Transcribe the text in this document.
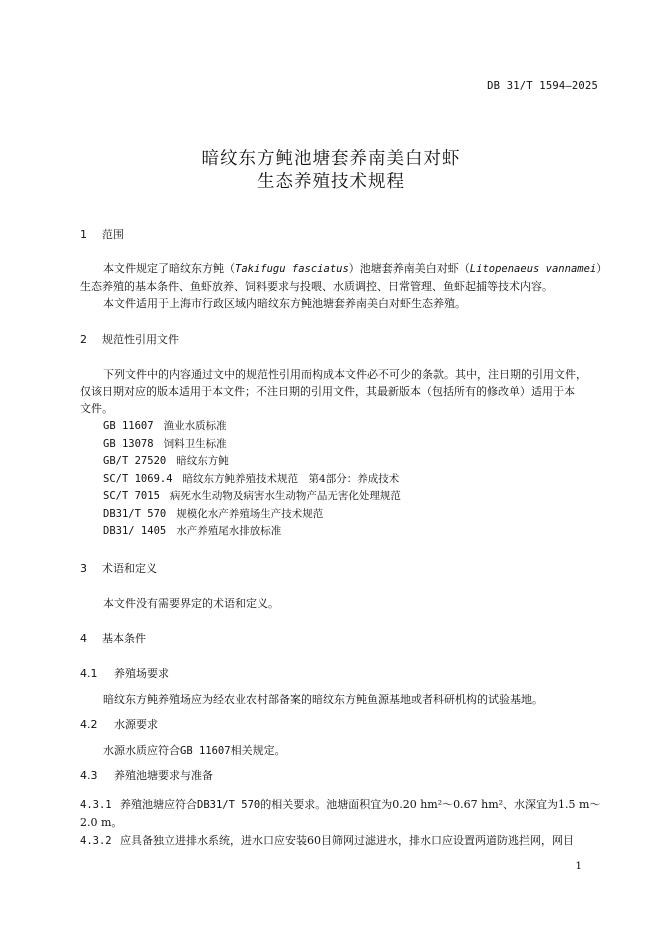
DB 31/T 1594—2025
暗纹东方鲀池塘套养南美白对虾
生态养殖技术规程
1 范围
本文件规定了暗纹东方鲀（Takifugu fasciatus）池塘套养南美白对虾（Litopenaeus vannamei）
生态养殖的基本条件、鱼虾放养、饲料要求与投喂、水质调控、日常管理、鱼虾起捕等技术内容。
本文件适用于上海市行政区域内暗纹东方鲀池塘套养南美白对虾生态养殖。
2 规范性引用文件
下列文件中的内容通过文中的规范性引用而构成本文件必不可少的条款。其中，注日期的引用文件，
仅该日期对应的版本适用于本文件；不注日期的引用文件，其最新版本（包括所有的修改单）适用于本
文件。
GB 11607 渔业水质标准
GB 13078 饲料卫生标准
GB/T 27520 暗纹东方鲀
SC/T 1069.4 暗纹东方鲀养殖技术规范　第4部分：养成技术
SC/T 7015 病死水生动物及病害水生动物产品无害化处理规范
DB31/T 570 规模化水产养殖场生产技术规范
DB31/ 1405 水产养殖尾水排放标准
3 术语和定义
本文件没有需要界定的术语和定义。
4 基本条件
4.1 养殖场要求
暗纹东方鲀养殖场应为经农业农村部备案的暗纹东方鲀鱼源基地或者科研机构的试验基地。
4.2 水源要求
水源水质应符合GB 11607相关规定。
4.3 养殖池塘要求与准备
4.3.1 养殖池塘应符合DB31/T 570的相关要求。池塘面积宜为0.20 hm²～0.67 hm²、水深宜为1.5 m～
2.0 m。
4.3.2 应具备独立进排水系统，进水口应安装60目筛网过滤进水，排水口应设置两道防逃拦网，网目
1
